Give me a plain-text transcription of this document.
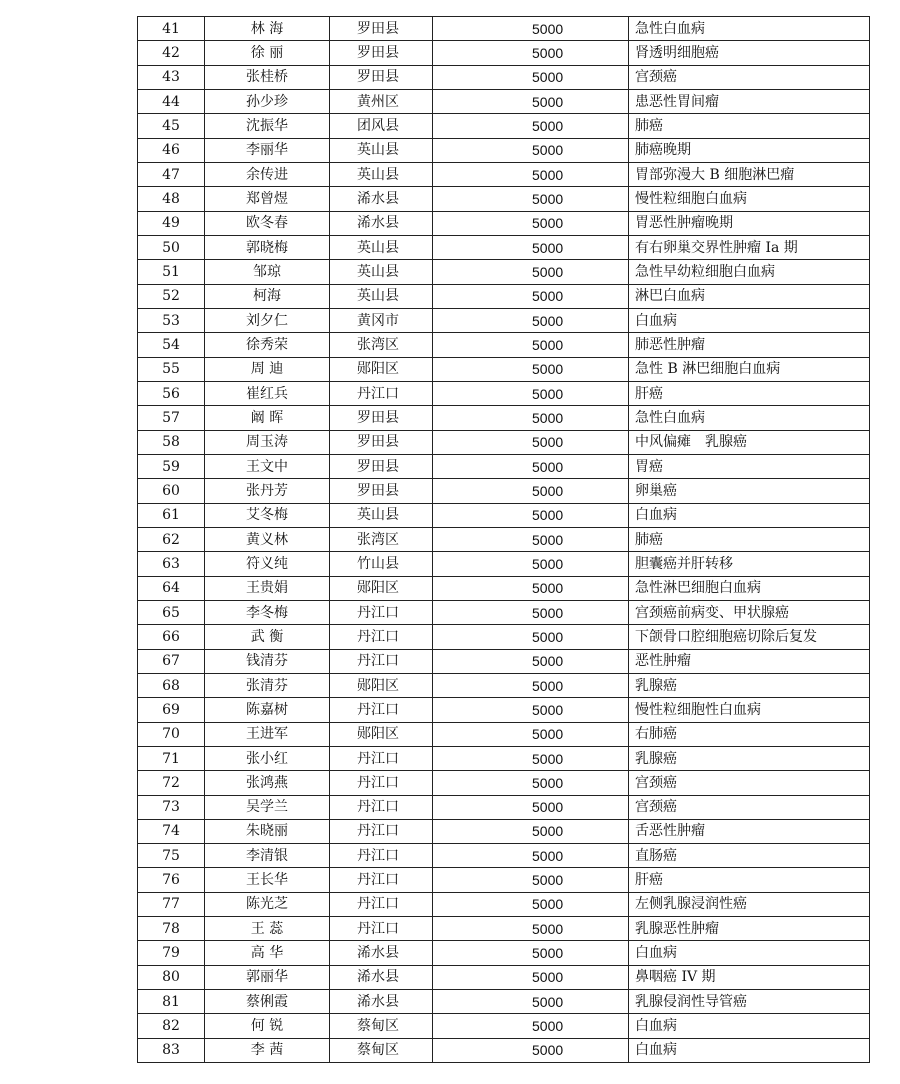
41	林 海	罗田县	5000	急性白血病
42	徐 丽	罗田县	5000	肾透明细胞癌
43	张桂桥	罗田县	5000	宫颈癌
44	孙少珍	黄州区	5000	患恶性胃间瘤
45	沈振华	团风县	5000	肺癌
46	李丽华	英山县	5000	肺癌晚期
47	余传进	英山县	5000	胃部弥漫大 B 细胞淋巴瘤
48	郑曾煜	浠水县	5000	慢性粒细胞白血病
49	欧冬春	浠水县	5000	胃恶性肿瘤晚期
50	郭晓梅	英山县	5000	有右卵巢交界性肿瘤 Ia 期
51	邹琼	英山县	5000	急性早幼粒细胞白血病
52	柯海	英山县	5000	淋巴白血病
53	刘夕仁	黄冈市	5000	白血病
54	徐秀荣	张湾区	5000	肺恶性肿瘤
55	周 迪	郧阳区	5000	急性 B 淋巴细胞白血病
56	崔红兵	丹江口	5000	肝癌
57	阚 晖	罗田县	5000	急性白血病
58	周玉涛	罗田县	5000	中风偏瘫　乳腺癌
59	王文中	罗田县	5000	胃癌
60	张丹芳	罗田县	5000	卵巢癌
61	艾冬梅	英山县	5000	白血病
62	黄义林	张湾区	5000	肺癌
63	符义纯	竹山县	5000	胆囊癌并肝转移
64	王贵娟	郧阳区	5000	急性淋巴细胞白血病
65	李冬梅	丹江口	5000	宫颈癌前病变、甲状腺癌
66	武 衡	丹江口	5000	下颌骨口腔细胞癌切除后复发
67	钱清芬	丹江口	5000	恶性肿瘤
68	张清芬	郧阳区	5000	乳腺癌
69	陈嘉树	丹江口	5000	慢性粒细胞性白血病
70	王进军	郧阳区	5000	右肺癌
71	张小红	丹江口	5000	乳腺癌
72	张鸿燕	丹江口	5000	宫颈癌
73	吴学兰	丹江口	5000	宫颈癌
74	朱晓丽	丹江口	5000	舌恶性肿瘤
75	李清银	丹江口	5000	直肠癌
76	王长华	丹江口	5000	肝癌
77	陈光芝	丹江口	5000	左侧乳腺浸润性癌
78	王 蕊	丹江口	5000	乳腺恶性肿瘤
79	高 华	浠水县	5000	白血病
80	郭丽华	浠水县	5000	鼻咽癌 IV 期
81	蔡俐霞	浠水县	5000	乳腺侵润性导管癌
82	何 锐	蔡甸区	5000	白血病
83	李 茜	蔡甸区	5000	白血病
